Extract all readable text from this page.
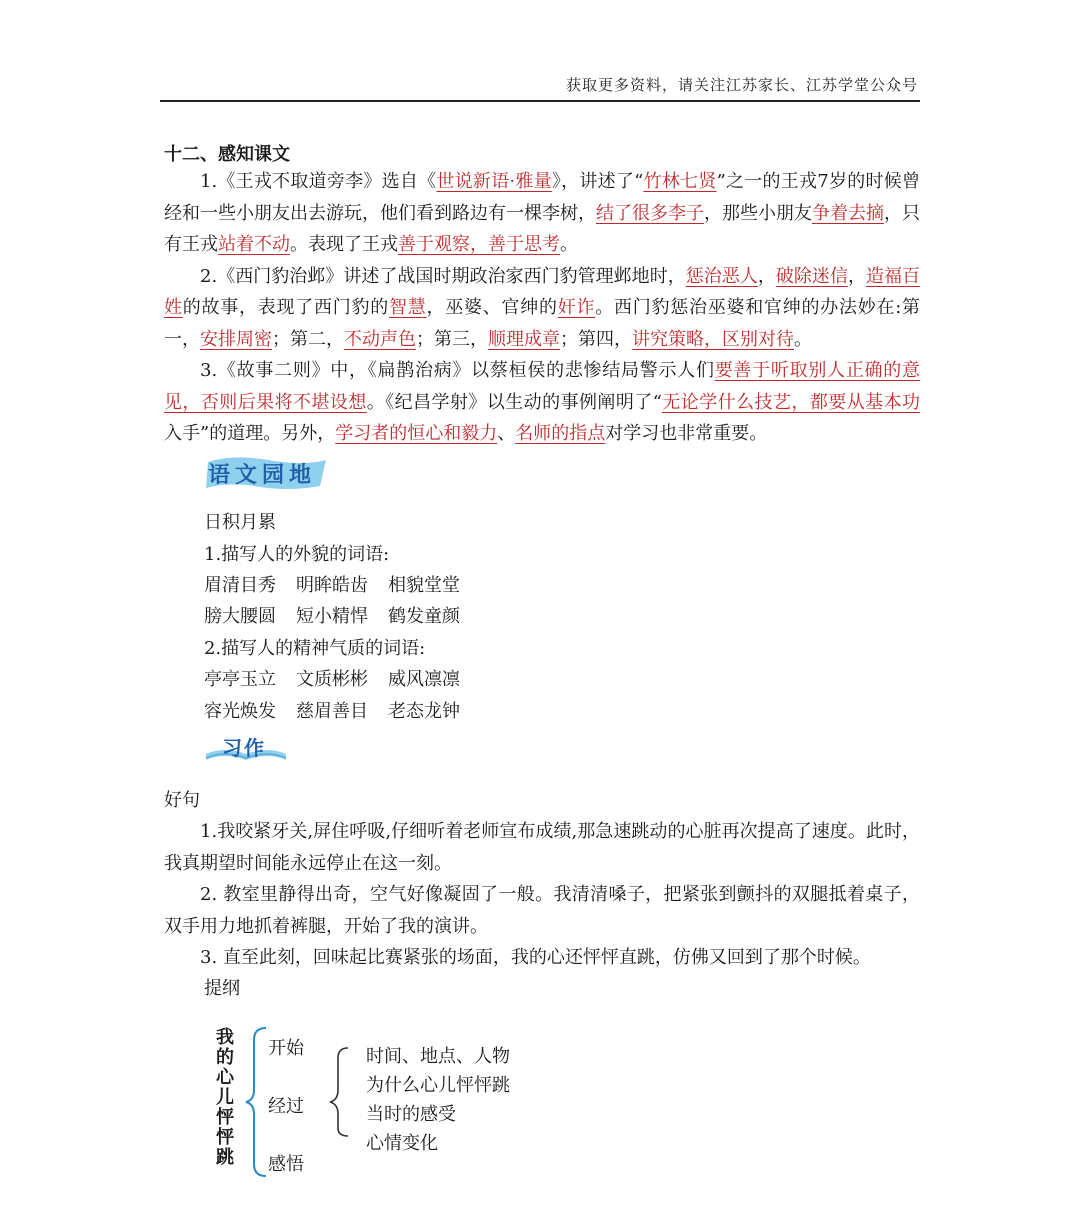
获取更多资料，请关注江苏家长、江苏学堂公众号
十二、感知课文

1.《王戎不取道旁李》选自《世说新语·雅量》，讲述了“竹林七贤”之一的王戎7岁的时候曾经和一些小朋友出去游玩，他们看到路边有一棵李树，结了很多李子，那些小朋友争着去摘，只有王戎站着不动。表现了王戎善于观察，善于思考。

2.《西门豹治邺》讲述了战国时期政治家西门豹管理邺地时，惩治恶人，破除迷信，造福百姓的故事，表现了西门豹的智慧，巫婆、官绅的奸诈。西门豹惩治巫婆和官绅的办法妙在:第一，安排周密；第二，不动声色；第三，顺理成章；第四，讲究策略，区别对待。

3.《故事二则》中，《扁鹊治病》以蔡桓侯的悲惨结局警示人们要善于听取别人正确的意见，否则后果将不堪设想。《纪昌学射》以生动的事例阐明了“无论学什么技艺，都要从基本功入手”的道理。另外，学习者的恒心和毅力、名师的指点对学习也非常重要。

语文园地
日积月累
1.描写人的外貌的词语:
眉清目秀 明眸皓齿 相貌堂堂
膀大腰圆 短小精悍 鹤发童颜
2.描写人的精神气质的词语:
亭亭玉立 文质彬彬 威风凛凛
容光焕发 慈眉善目 老态龙钟
习作
好句

1.我咬紧牙关,屏住呼吸,仔细听着老师宣布成绩,那急速跳动的心脏再次提高了速度。此时，我真期望时间能永远停止在这一刻。

2. 教室里静得出奇，空气好像凝固了一般。我清清嗓子，把紧张到颤抖的双腿抵着桌子，双手用力地抓着裤腿，开始了我的演讲。

3. 直至此刻，回味起比赛紧张的场面，我的心还怦怦直跳，仿佛又回到了那个时候。

提纲
我的心儿怦怦跳
开始
经过
感悟
时间、地点、人物
为什么心儿怦怦跳
当时的感受
心情变化
